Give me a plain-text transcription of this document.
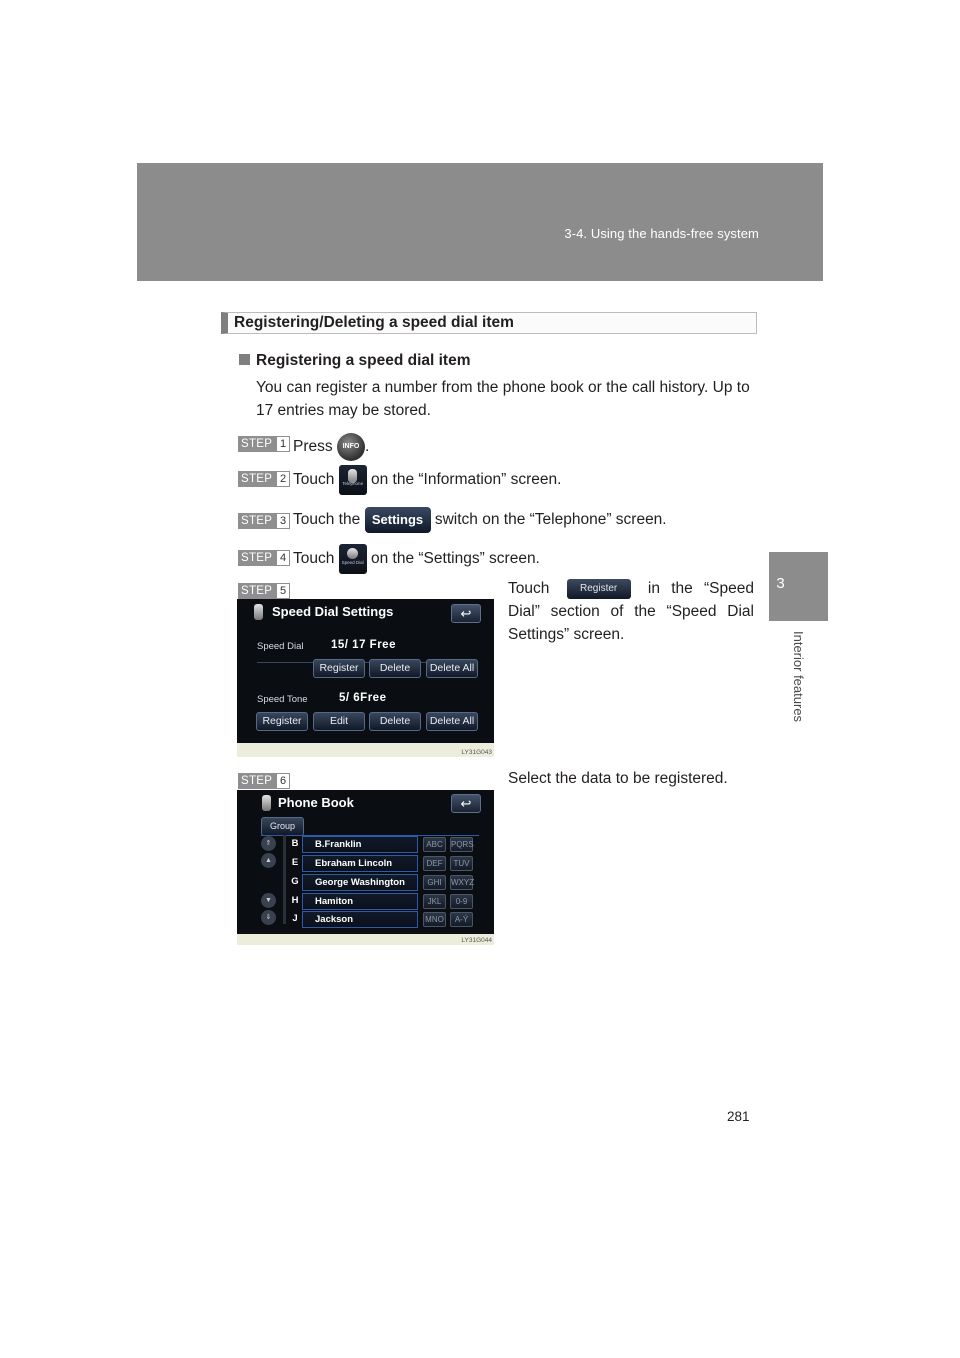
3-4. Using the hands-free system
3
Interior features
Registering/Deleting a speed dial item
Registering a speed dial item
You can register a number from the phone book or the call history. Up to 17 entries may be stored.
STEP 1 Press INFO .
STEP 2 Touch	Telephone on the “Information” screen.
STEP 3 Touch the Settings switch on the “Telephone” screen.
STEP 4 Touch	Speed Dial on the “Settings” screen.
STEP 5	Touch	Register in the “Speed Dial” section of the “Speed Dial Settings” screen.
Speed Dial Settings	↩
Speed Dial 15/ 17 Free
Register	Delete	Delete All
Speed Tone	5/ 6Free
Register	Edit	Delete	Delete All
LY31G043
STEP 6	Select the data to be registered.
Phone Book	↩
Group
⇑
▲
▼
⇓
B	B.Franklin
E	Ebraham Lincoln
G	George Washington
H	Hamiton
J	Jackson
ABC	PQRS
DEF	TUV
GHI	WXYZ
JKL	0-9
MNO	A-Ý
LY31G044
281
